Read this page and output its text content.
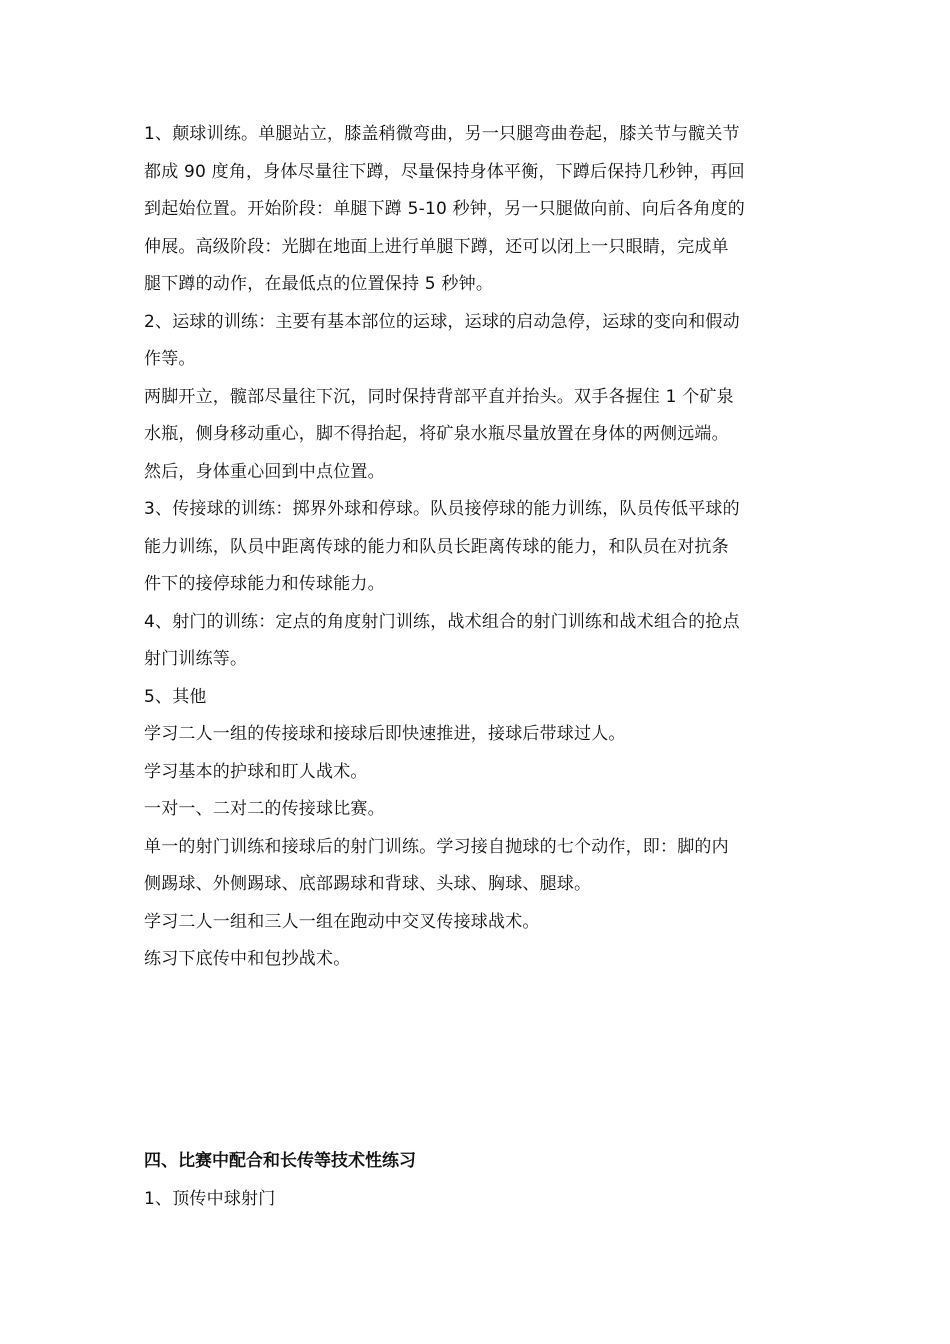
1、颠球训练。单腿站立，膝盖稍微弯曲，另一只腿弯曲卷起，膝关节与髋关节
都成 90 度角，身体尽量往下蹲，尽量保持身体平衡，下蹲后保持几秒钟，再回
到起始位置。开始阶段：单腿下蹲 5-10 秒钟，另一只腿做向前、向后各角度的
伸展。高级阶段：光脚在地面上进行单腿下蹲，还可以闭上一只眼睛，完成单
腿下蹲的动作，在最低点的位置保持 5 秒钟。
2、运球的训练：主要有基本部位的运球，运球的启动急停，运球的变向和假动
作等。
两脚开立，髋部尽量往下沉，同时保持背部平直并抬头。双手各握住 1 个矿泉
水瓶，侧身移动重心，脚不得抬起，将矿泉水瓶尽量放置在身体的两侧远端。
然后，身体重心回到中点位置。
3、传接球的训练：掷界外球和停球。队员接停球的能力训练，队员传低平球的
能力训练，队员中距离传球的能力和队员长距离传球的能力，和队员在对抗条
件下的接停球能力和传球能力。
4、射门的训练：定点的角度射门训练，战术组合的射门训练和战术组合的抢点
射门训练等。
5、其他
学习二人一组的传接球和接球后即快速推进，接球后带球过人。
学习基本的护球和盯人战术。
一对一、二对二的传接球比赛。
单一的射门训练和接球后的射门训练。学习接自抛球的七个动作，即：脚的内
侧踢球、外侧踢球、底部踢球和背球、头球、胸球、腿球。
学习二人一组和三人一组在跑动中交叉传接球战术。
练习下底传中和包抄战术。
四、比赛中配合和长传等技术性练习
1、顶传中球射门
